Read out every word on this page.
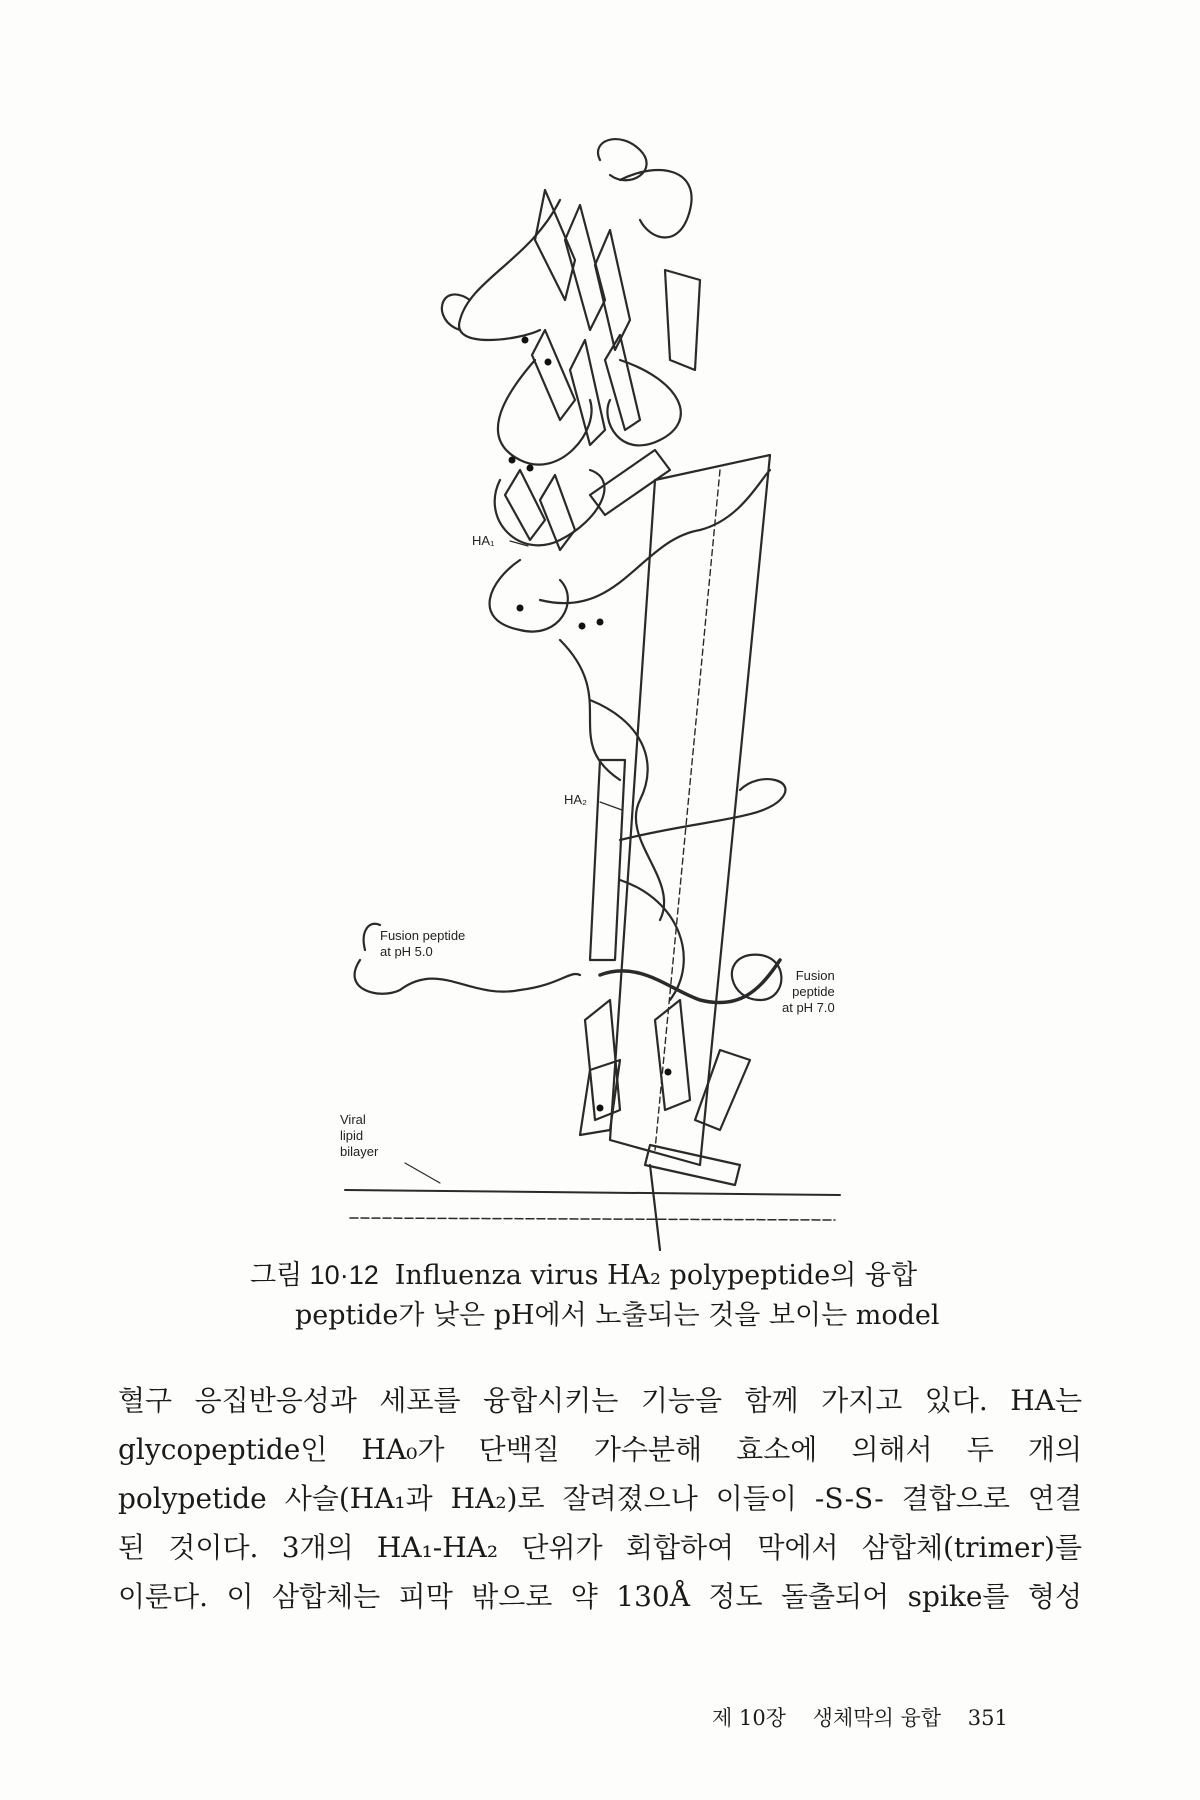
HA₁
HA₂
Fusion peptide
at pH 5.0
Fusion
peptide
at pH 7.0
Viral
lipid
bilayer
그림 10·12 Influenza virus HA₂ polypeptide의 융합
peptide가 낮은 pH에서 노출되는 것을 보이는 model

혈구 응집반응성과 세포를 융합시키는 기능을 함께 가지고 있다. HA는

glycopeptide인 HA₀가 단백질 가수분해 효소에 의해서 두 개의

polypetide 사슬(HA₁과 HA₂)로 잘려졌으나 이들이 -S-S- 결합으로 연결

된 것이다. 3개의 HA₁-HA₂ 단위가 회합하여 막에서 삼합체(trimer)를

이룬다. 이 삼합체는 피막 밖으로 약 130Å 정도 돌출되어 spike를 형성

제 10장 생체막의 융합 351
